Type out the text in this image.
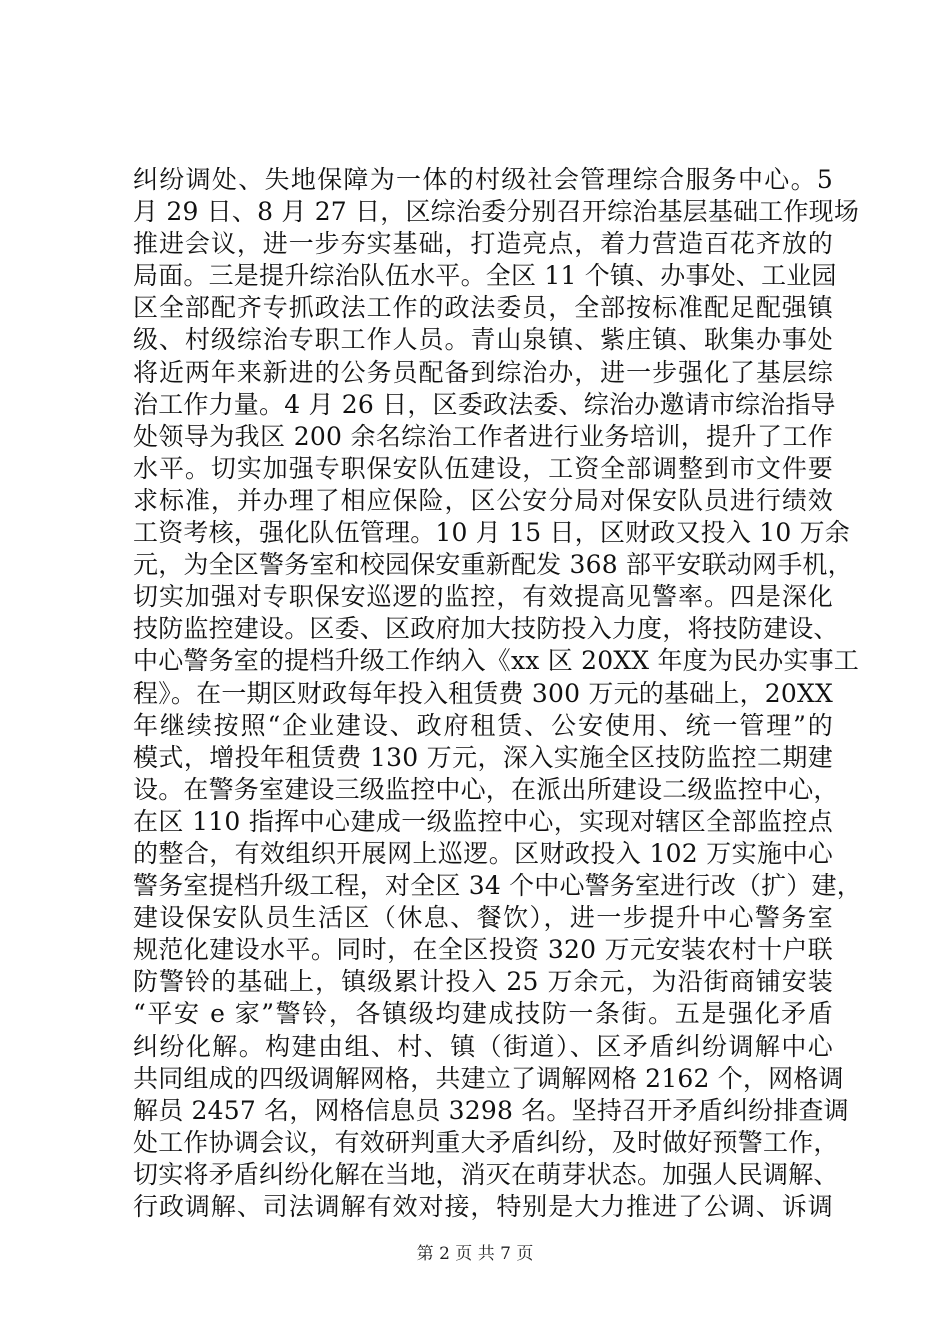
纠纷调处、失地保障为一体的村级社会管理综合服务中心。5
月 29 日、8 月 27 日，区综治委分别召开综治基层基础工作现场
推进会议，进一步夯实基础，打造亮点，着力营造百花齐放的
局面。三是提升综治队伍水平。全区 11 个镇、办事处、工业园
区全部配齐专抓政法工作的政法委员，全部按标准配足配强镇
级、村级综治专职工作人员。青山泉镇、紫庄镇、耿集办事处
将近两年来新进的公务员配备到综治办，进一步强化了基层综
治工作力量。4 月 26 日，区委政法委、综治办邀请市综治指导
处领导为我区 200 余名综治工作者进行业务培训，提升了工作
水平。切实加强专职保安队伍建设，工资全部调整到市文件要
求标准，并办理了相应保险，区公安分局对保安队员进行绩效
工资考核，强化队伍管理。10 月 15 日，区财政又投入 10 万余
元，为全区警务室和校园保安重新配发 368 部平安联动网手机，
切实加强对专职保安巡逻的监控，有效提高见警率。四是深化
技防监控建设。区委、区政府加大技防投入力度，将技防建设、
中心警务室的提档升级工作纳入《xx 区 20XX 年度为民办实事工
程》。在一期区财政每年投入租赁费 300 万元的基础上，20XX
年继续按照“企业建设、政府租赁、公安使用、统一管理”的
模式，增投年租赁费 130 万元，深入实施全区技防监控二期建
设。在警务室建设三级监控中心，在派出所建设二级监控中心，
在区 110 指挥中心建成一级监控中心，实现对辖区全部监控点
的整合，有效组织开展网上巡逻。区财政投入 102 万实施中心
警务室提档升级工程，对全区 34 个中心警务室进行改（扩）建，
建设保安队员生活区（休息、餐饮），进一步提升中心警务室
规范化建设水平。同时，在全区投资 320 万元安装农村十户联
防警铃的基础上，镇级累计投入 25 万余元，为沿街商铺安装
“平安 e 家”警铃，各镇级均建成技防一条街。五是强化矛盾
纠纷化解。构建由组、村、镇（街道）、区矛盾纠纷调解中心
共同组成的四级调解网格，共建立了调解网格 2162 个，网格调
解员 2457 名，网格信息员 3298 名。坚持召开矛盾纠纷排查调
处工作协调会议，有效研判重大矛盾纠纷，及时做好预警工作，
切实将矛盾纠纷化解在当地，消灭在萌芽状态。加强人民调解、
行政调解、司法调解有效对接，特别是大力推进了公调、诉调
第 2 页 共 7 页
